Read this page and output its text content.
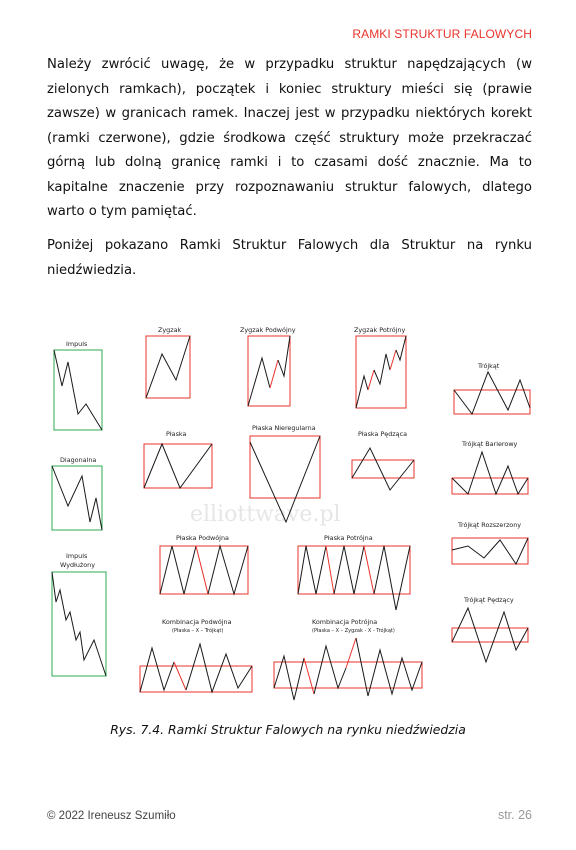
RAMKI STRUKTUR FALOWYCH

Należy zwrócić uwagę, że w przypadku struktur napędzających (w zielonych ramkach), początek i koniec struktury mieści się (prawie zawsze) w granicach ramek. Inaczej jest w przypadku niektórych korekt (ramki czerwone), gdzie środkowa część struktury może przekraczać górną lub dolną granicę ramki i to czasami dość znacznie. Ma to kapitalne znaczenie przy rozpoznawaniu struktur falowych, dlatego warto o tym pamiętać.

Poniżej pokazano Ramki Struktur Falowych dla Struktur na rynku niedźwiedzia.

elliottwave.pl
Impuls
Diagonalna
Impuls
Wydłużony
Zygzak	Zygzak Podwójny	Zygzak Potrójny
Trójkąt
Płaska
Płaska Nieregularna
Płaska Pędząca
Trójkąt Barierowy
Trójkąt Rozszerzony
Płaska Podwójna	Płaska Potrójna
Trójkąt Pędzący
Kombinacja Podwójna
(Płaska – X – Trójkąt)
Kombinacja Potrójna
(Płaska – X – Zygzak - X - Trójkąt)
Rys. 7.4. Ramki Struktur Falowych na rynku niedźwiedzia
© 2022 Ireneusz Szumiło	str. 26
